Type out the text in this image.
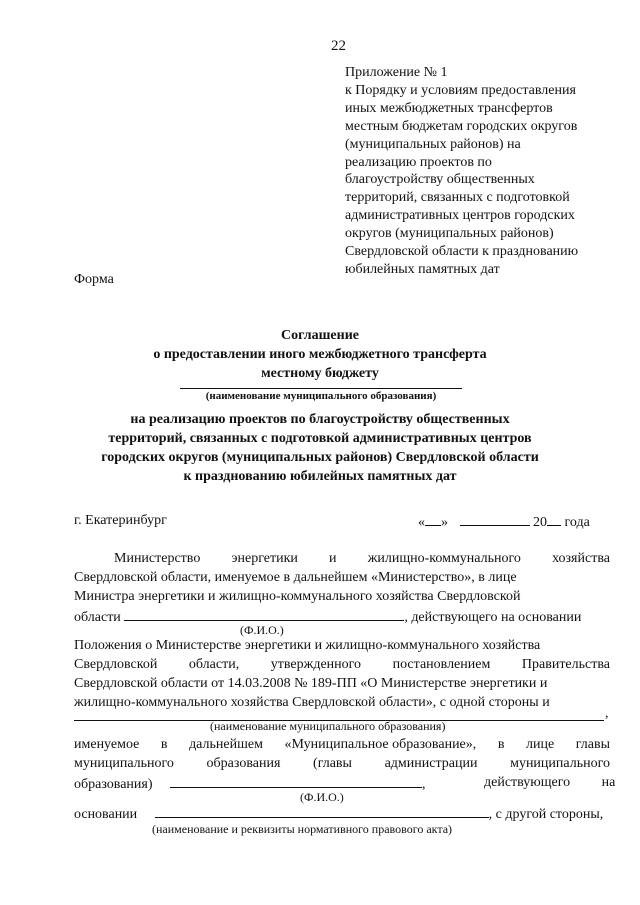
22
Приложение № 1
к Порядку и условиям предоставления
иных межбюджетных трансфертов
местным бюджетам городских округов
(муниципальных районов) на
реализацию проектов по
благоустройству общественных
территорий, связанных с подготовкой
административных центров городских
округов (муниципальных районов)
Свердловской области к празднованию
юбилейных памятных дат
Форма
Соглашение
о предоставлении иного межбюджетного трансферта
местному бюджету
(наименование муниципального образования)
на реализацию проектов по благоустройству общественных
территорий, связанных с подготовкой административных центров
городских округов (муниципальных районов) Свердловской области
к празднованию юбилейных памятных дат
г. Екатеринбург	« »	20 года
Министерство энергетики и жилищно-коммунального хозяйства
Свердловской области, именуемое в дальнейшем «Министерство», в лице
Министра энергетики и жилищно-коммунального хозяйства Свердловской
области	, действующего на основании
(Ф.И.О.)
Положения о Министерстве энергетики и жилищно-коммунального хозяйства
Свердловской области, утвержденного постановлением Правительства
Свердловской области от 14.03.2008 № 189-ПП «О Министерстве энергетики и
жилищно-коммунального хозяйства Свердловской области», с одной стороны и
,
(наименование муниципального образования)
именуемое в дальнейшем «Муниципальное образование», в лице главы
муниципального образования (главы администрации муниципального
образования)	,	действующего на
(Ф.И.О.)
основании	, с другой стороны,
(наименование и реквизиты нормативного правового акта)
